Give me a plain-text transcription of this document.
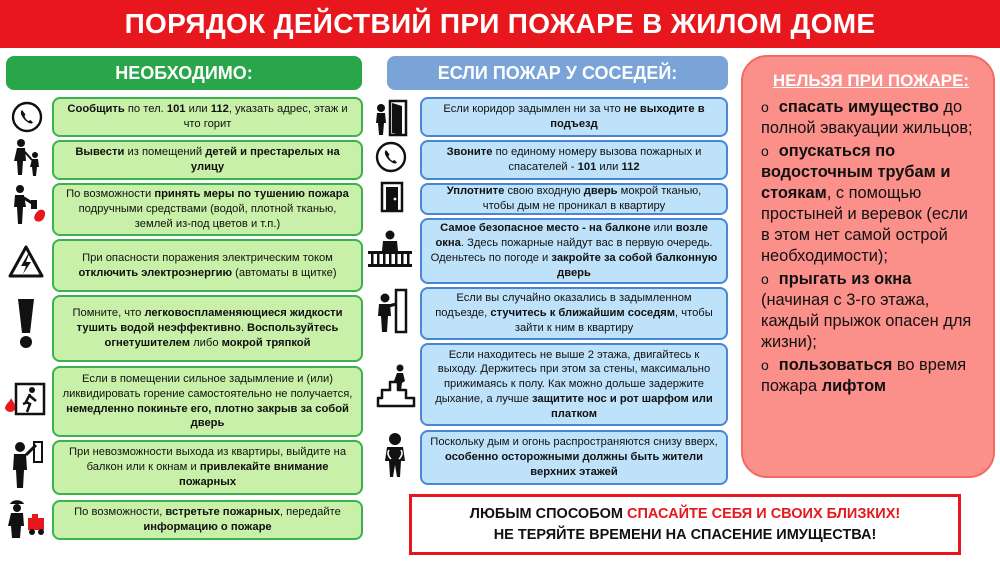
ПОРЯДОК ДЕЙСТВИЙ ПРИ ПОЖАРЕ В ЖИЛОМ ДОМЕ
НЕОБХОДИМО:	ЕСЛИ ПОЖАР У СОСЕДЕЙ:
Сообщить по тел. 101 или 112, указать адрес, этаж и что горит
Вывести из помещений детей и престарелых на улицу
По возможности принять меры по тушению пожара подручными средствами (водой, плотной тканью, землей из-под цветов и т.п.)
При опасности поражения электрическим током отключить электроэнергию (автоматы в щитке)
Помните, что легковоспламеняющиеся жидкости тушить водой неэффективно. Воспользуйтесь огнетушителем либо мокрой тряпкой
Если в помещении сильное задымление и (или) ликвидировать горение самостоятельно не получается, немедленно покиньте его, плотно закрыв за собой дверь
При невозможности выхода из квартиры, выйдите на балкон или к окнам и привлекайте внимание пожарных
По возможности, встретьте пожарных, передайте информацию о пожаре
Если коридор задымлен ни за что не выходите в подъезд
Звоните по единому номеру вызова пожарных и спасателей - 101 или 112
Уплотните свою входную дверь мокрой тканью, чтобы дым не проникал в квартиру
Самое безопасное место - на балконе или возле окна. Здесь пожарные найдут вас в первую очередь. Оденьтесь по погоде и закройте за собой балконную дверь
Если вы случайно оказались в задымленном подъезде, стучитесь к ближайшим соседям, чтобы зайти к ним в квартиру
Если находитесь не выше 2 этажа, двигайтесь к выходу. Держитесь при этом за стены, максимально прижимаясь к полу. Как можно дольше задержите дыхание, а лучше защитите нос и рот шарфом или платком
Поскольку дым и огонь распространяются снизу вверх, особенно осторожными должны быть жители верхних этажей
НЕЛЬЗЯ ПРИ ПОЖАРЕ:
o спасать имущество до полной эвакуации жильцов;
o опускаться по водосточным трубам и стоякам, с помощью простыней и веревок (если в этом нет самой острой необходимости);
o прыгать из окна (начиная с 3-го этажа, каждый прыжок опасен для жизни);
o пользоваться во время пожара лифтом
ЛЮБЫМ СПОСОБОМ СПАСАЙТЕ СЕБЯ И СВОИХ БЛИЗКИХ!
НЕ ТЕРЯЙТЕ ВРЕМЕНИ НА СПАСЕНИЕ ИМУЩЕСТВА!
